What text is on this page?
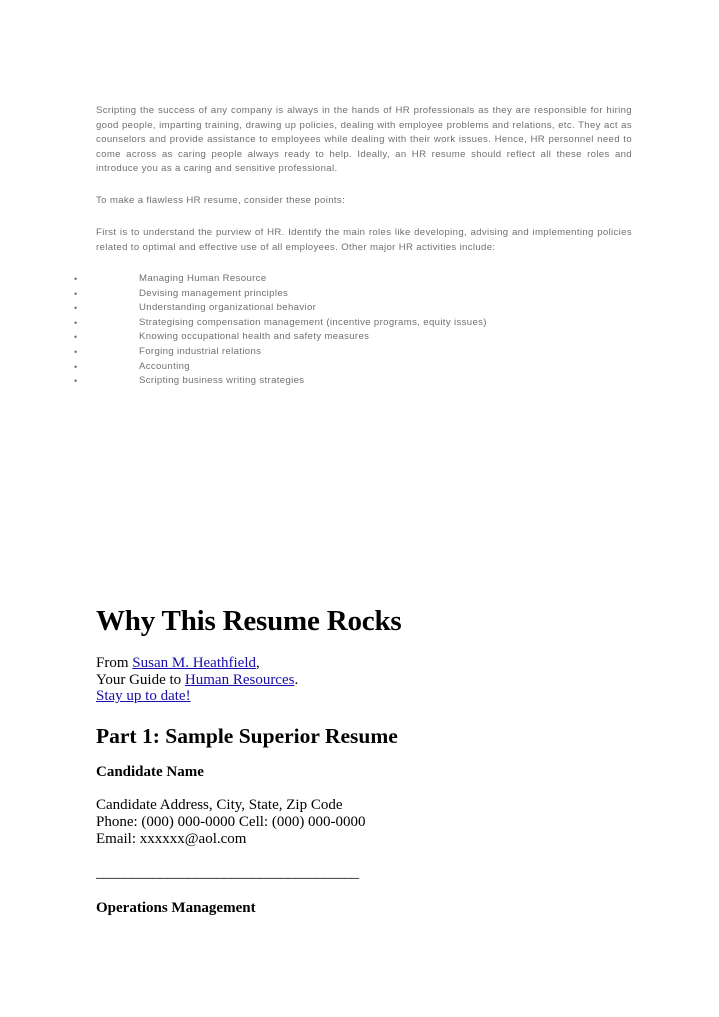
Scripting the success of any company is always in the hands of HR professionals as they are responsible for hiring good people, imparting training, drawing up policies, dealing with employee problems and relations, etc. They act as counselors and provide assistance to employees while dealing with their work issues. Hence, HR personnel need to come across as caring people always ready to help. Ideally, an HR resume should reflect all these roles and introduce you as a caring and sensitive professional.

To make a flawless HR resume, consider these points:

First is to understand the purview of HR. Identify the main roles like developing, advising and implementing policies related to optimal and effective use of all employees. Other major HR activities include:

•	Managing Human Resource
•	Devising management principles
•	Understanding organizational behavior
•	Strategising compensation management (incentive programs, equity issues)
•	Knowing occupational health and safety measures
•	Forging industrial relations
•	Accounting
•	Scripting business writing strategies
Why This Resume Rocks
From Susan M. Heathfield,
Your Guide to Human Resources.
Stay up to date!
Part 1: Sample Superior Resume
Candidate Name
Candidate Address, City, State, Zip Code
Phone: (000) 000-0000 Cell: (000) 000-0000
Email: xxxxxx@aol.com
_____________________________________
Operations Management
